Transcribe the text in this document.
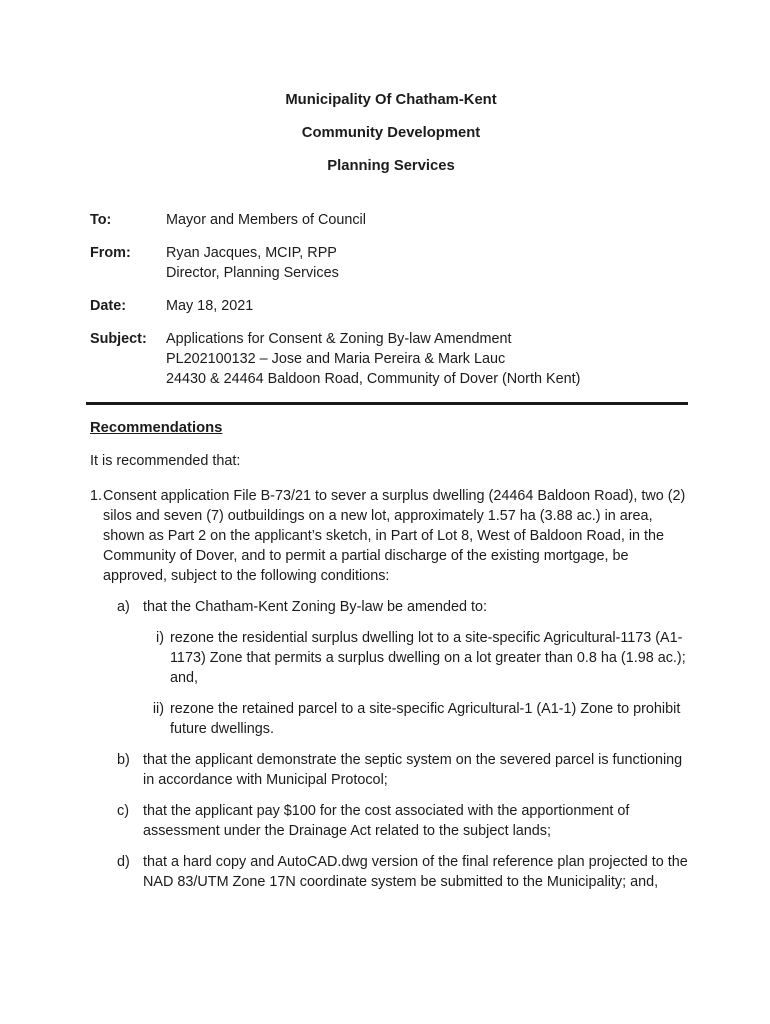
Municipality Of Chatham-Kent

Community Development

Planning Services

To:	Mayor and Members of Council
From:	Ryan Jacques, MCIP, RPP
Director, Planning Services
Date:	May 18, 2021
Subject:	Applications for Consent & Zoning By-law Amendment
PL202100132 – Jose and Maria Pereira & Mark Lauc
24430 & 24464 Baldoon Road, Community of Dover (North Kent)
Recommendations

It is recommended that:

1. Consent application File B-73/21 to sever a surplus dwelling (24464 Baldoon Road), two (2) silos and seven (7) outbuildings on a new lot, approximately 1.57 ha (3.88 ac.) in area, shown as Part 2 on the applicant’s sketch, in Part of Lot 8, West of Baldoon Road, in the Community of Dover, and to permit a partial discharge of the existing mortgage, be approved, subject to the following conditions:
a) that the Chatham-Kent Zoning By-law be amended to:
i) rezone the residential surplus dwelling lot to a site-specific Agricultural-1173 (A1-1173) Zone that permits a surplus dwelling on a lot greater than 0.8 ha (1.98 ac.); and,
ii) rezone the retained parcel to a site-specific Agricultural-1 (A1-1) Zone to prohibit future dwellings.
b) that the applicant demonstrate the septic system on the severed parcel is functioning in accordance with Municipal Protocol;
c) that the applicant pay $100 for the cost associated with the apportionment of assessment under the Drainage Act related to the subject lands;
d) that a hard copy and AutoCAD.dwg version of the final reference plan projected to the NAD 83/UTM Zone 17N coordinate system be submitted to the Municipality; and,
